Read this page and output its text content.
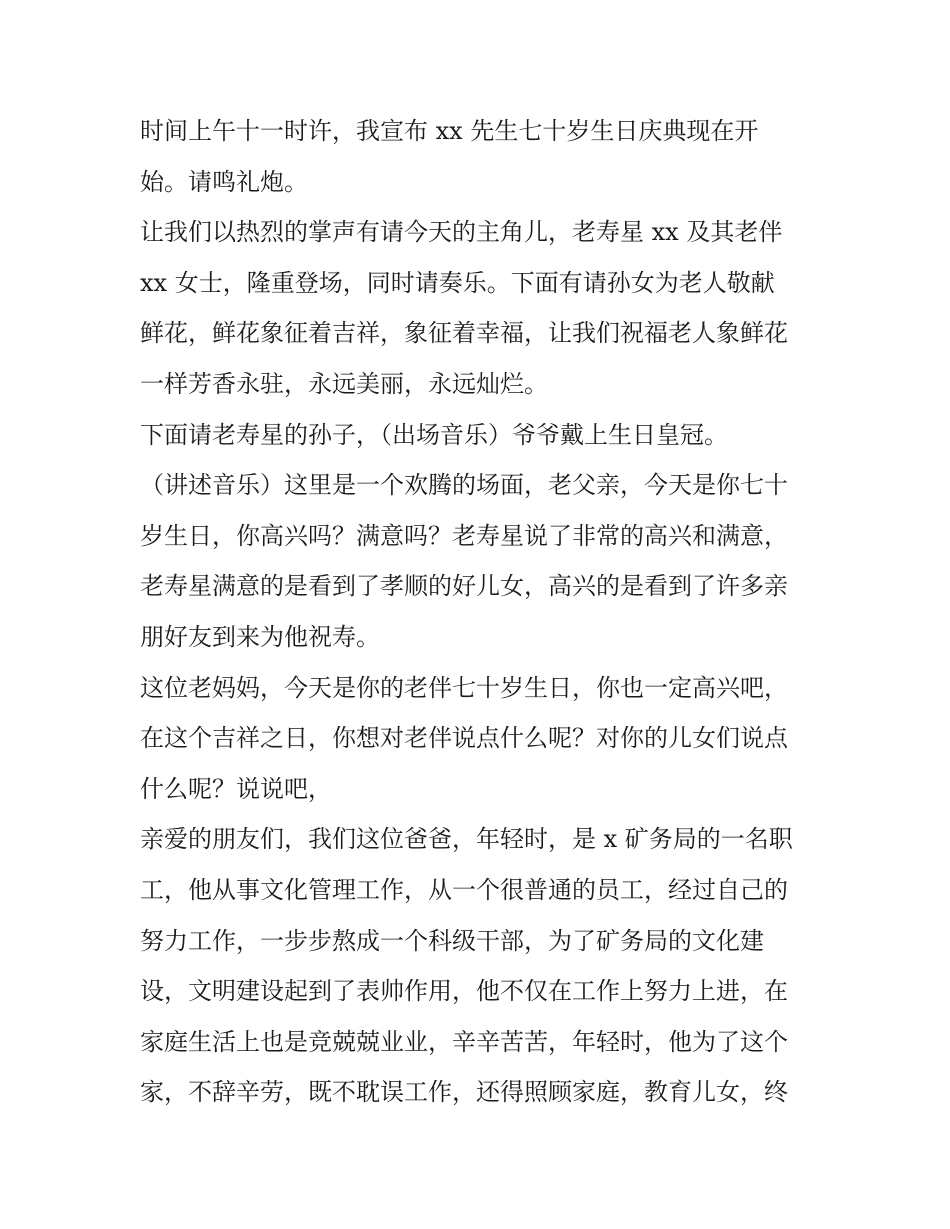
时间上午十一时许，我宣布 xx 先生七十岁生日庆典现在开
始。请鸣礼炮。
让我们以热烈的掌声有请今天的主角儿，老寿星 xx 及其老伴
xx 女士，隆重登场，同时请奏乐。下面有请孙女为老人敬献
鲜花，鲜花象征着吉祥，象征着幸福，让我们祝福老人象鲜花
一样芳香永驻，永远美丽，永远灿烂。
下面请老寿星的孙子，（出场音乐）爷爷戴上生日皇冠。
（讲述音乐）这里是一个欢腾的场面，老父亲，今天是你七十
岁生日，你高兴吗？满意吗？老寿星说了非常的高兴和满意，
老寿星满意的是看到了孝顺的好儿女，高兴的是看到了许多亲
朋好友到来为他祝寿。
这位老妈妈，今天是你的老伴七十岁生日，你也一定高兴吧，
在这个吉祥之日，你想对老伴说点什么呢？对你的儿女们说点
什么呢？说说吧，
亲爱的朋友们，我们这位爸爸，年轻时，是 x 矿务局的一名职
工，他从事文化管理工作，从一个很普通的员工，经过自己的
努力工作，一步步熬成一个科级干部，为了矿务局的文化建
设，文明建设起到了表帅作用，他不仅在工作上努力上进，在
家庭生活上也是竞兢兢业业，辛辛苦苦，年轻时，他为了这个
家，不辞辛劳，既不耽误工作，还得照顾家庭，教育儿女，终
